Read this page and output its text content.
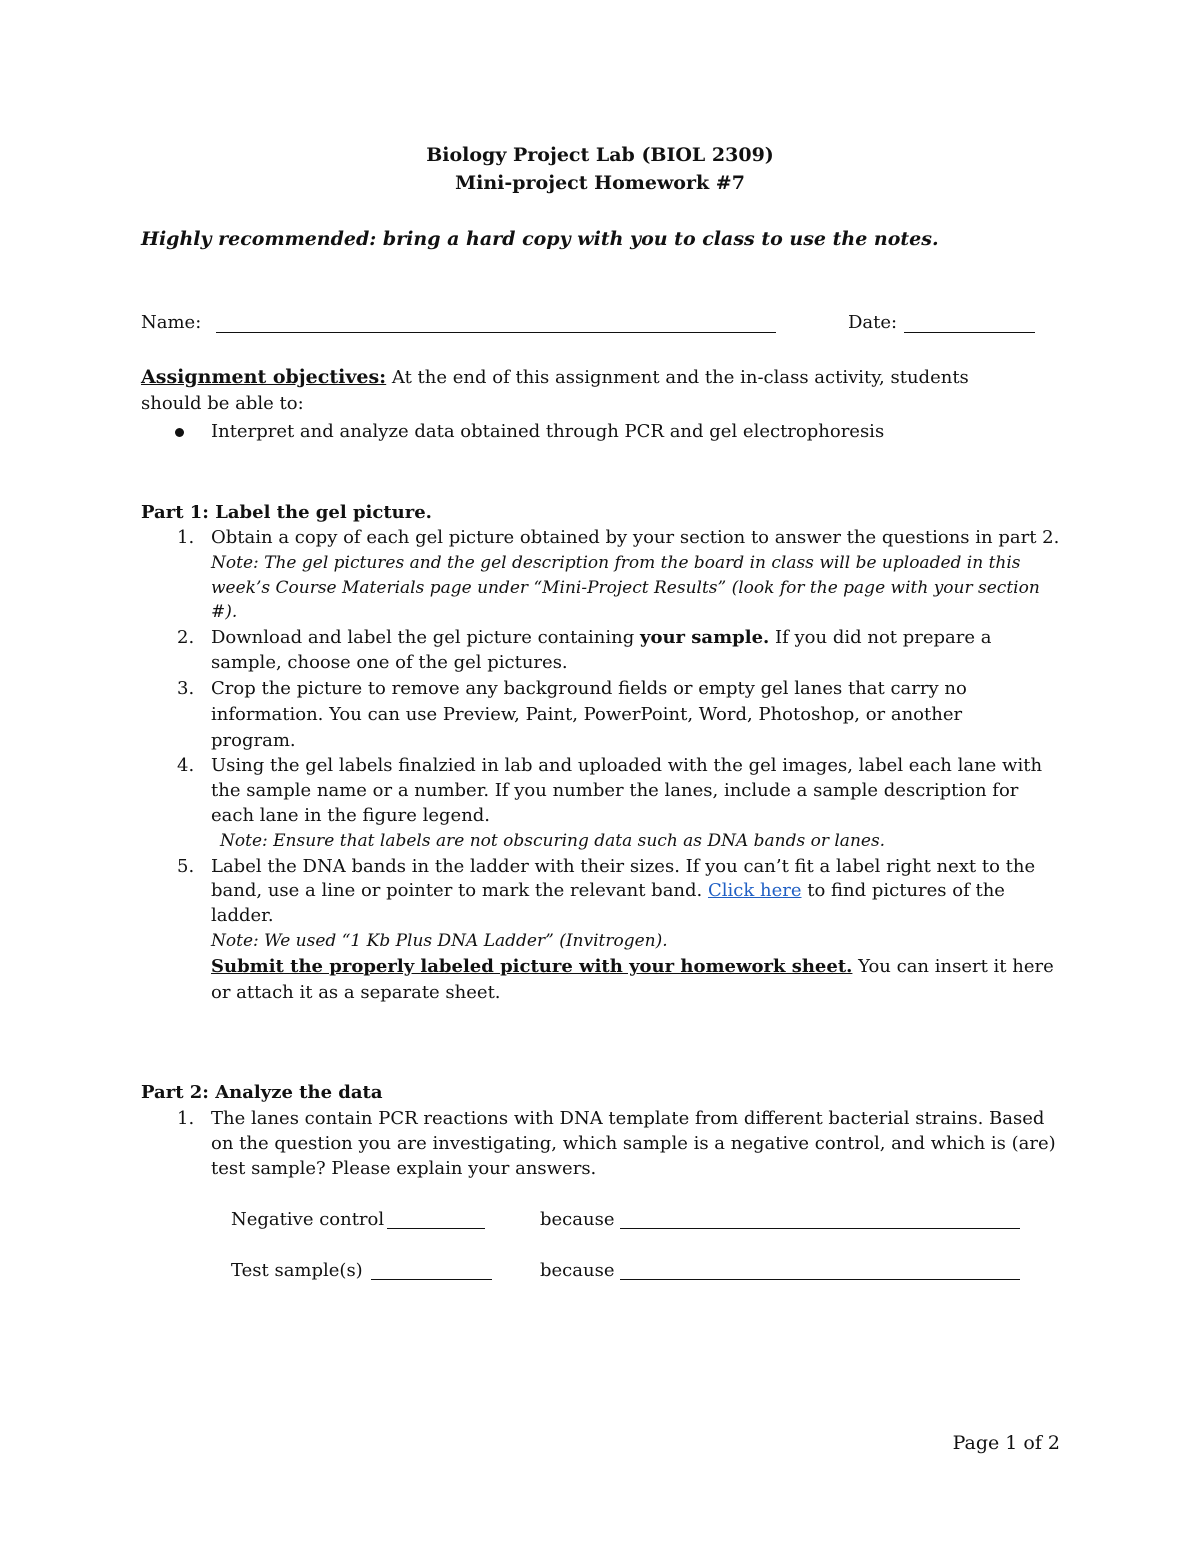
Biology Project Lab (BIOL 2309)
Mini-project Homework #7
Highly recommended: bring a hard copy with you to class to use the notes.
Name:	Date:
Assignment objectives: At the end of this assignment and the in-class activity, students
should be able to:
Interpret and analyze data obtained through PCR and gel electrophoresis
Part 1: Label the gel picture.
1. Obtain a copy of each gel picture obtained by your section to answer the questions in part 2.
Note: The gel pictures and the gel description from the board in class will be uploaded in this
week’s Course Materials page under “Mini-Project Results” (look for the page with your section
#).
2. Download and label the gel picture containing your sample. If you did not prepare a
sample, choose one of the gel pictures.
3. Crop the picture to remove any background fields or empty gel lanes that carry no
information. You can use Preview, Paint, PowerPoint, Word, Photoshop, or another
program.
4. Using the gel labels finalzied in lab and uploaded with the gel images, label each lane with
the sample name or a number. If you number the lanes, include a sample description for
each lane in the figure legend.
Note: Ensure that labels are not obscuring data such as DNA bands or lanes.
5. Label the DNA bands in the ladder with their sizes. If you can’t fit a label right next to the
band, use a line or pointer to mark the relevant band. Click here to find pictures of the
ladder.
Note: We used “1 Kb Plus DNA Ladder” (Invitrogen).
Submit the properly labeled picture with your homework sheet. You can insert it here
or attach it as a separate sheet.
Part 2: Analyze the data
1. The lanes contain PCR reactions with DNA template from different bacterial strains. Based
on the question you are investigating, which sample is a negative control, and which is (are)
test sample? Please explain your answers.
Negative control	because
Test sample(s)	because
Page 1 of 2
